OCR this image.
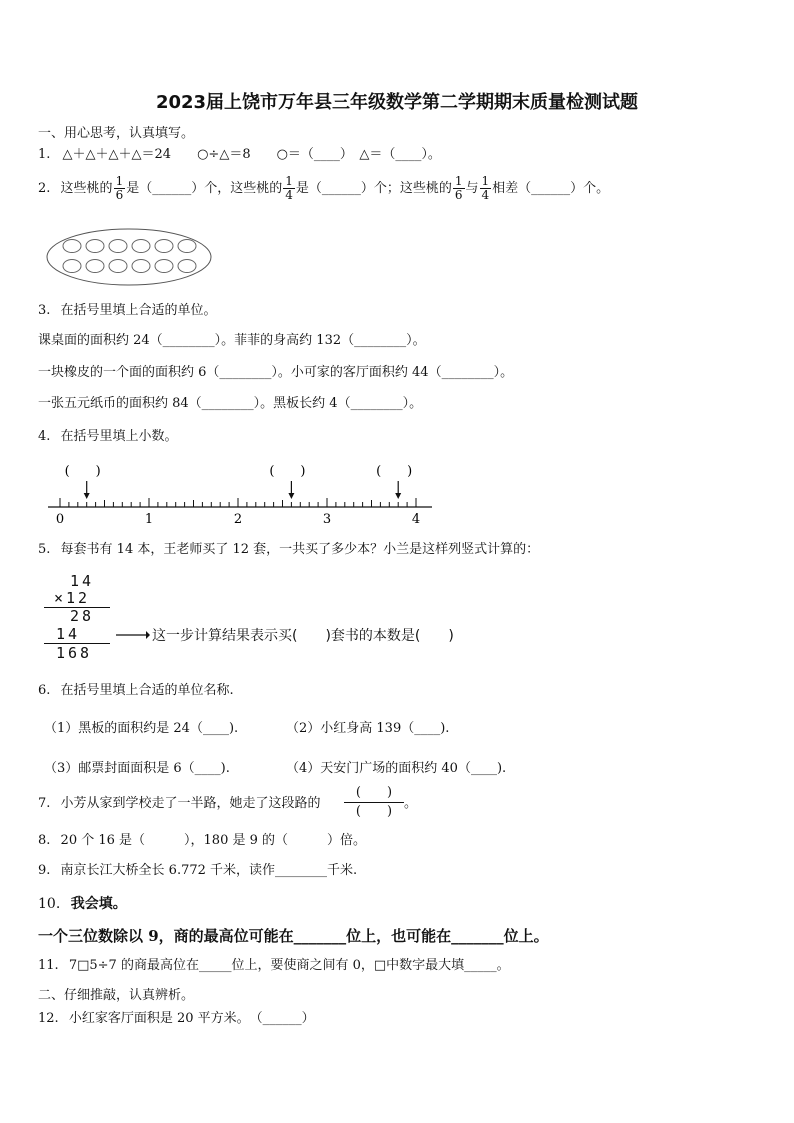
2023届上饶市万年县三年级数学第二学期期末质量检测试题
一、用心思考，认真填写。
1. △＋△＋△＋△＝24　　○÷△＝8　　○＝（____）　△＝（____）。
2. 这些桃的 $\frac{1}{6}$ 是（______）个，这些桃的 $\frac{1}{4}$ 是（______）个；这些桃的 $\frac{1}{6}$ 与 $\frac{1}{4}$ 相差（______）个。
3. 在括号里填上合适的单位。
课桌面的面积约 24（________）。菲菲的身高约 132（________）。
一块橡皮的一个面的面积约 6（________）。小可家的客厅面积约 44（________）。
一张五元纸币的面积约 84（________）。黑板长约 4（________）。
4. 在括号里填上小数。
0	1	2	3	4
(　　)	(　　)	(　　)
5. 每套书有 14 本，王老师买了 12 套，一共买了多少本？小兰是这样列竖式计算的：
14
×12
28
14
168
这一步计算结果表示买(　　)套书的本数是(　　)
6. 在括号里填上合适的单位名称.
（1）黑板的面积约是 24（____).	（2）小红身高 139（____).
（3）邮票封面面积是 6（____).	（4）天安门广场的面积约 40（____).
7. 小芳从家到学校走了一半路，她走了这段路的
(　　)
(　　)
。
8. 20 个 16 是（　　　），180 是 9 的（　　　）倍。
9. 南京长江大桥全长 6.772 千米，读作________千米.
10. 我会填。
一个三位数除以 9，商的最高位可能在_______位上，也可能在_______位上。
11. 7□5÷7 的商最高位在_____位上，要使商之间有 0，□中数字最大填_____。
二、仔细推敲，认真辨析。
12. 小红家客厅面积是 20 平方米。　（______）
